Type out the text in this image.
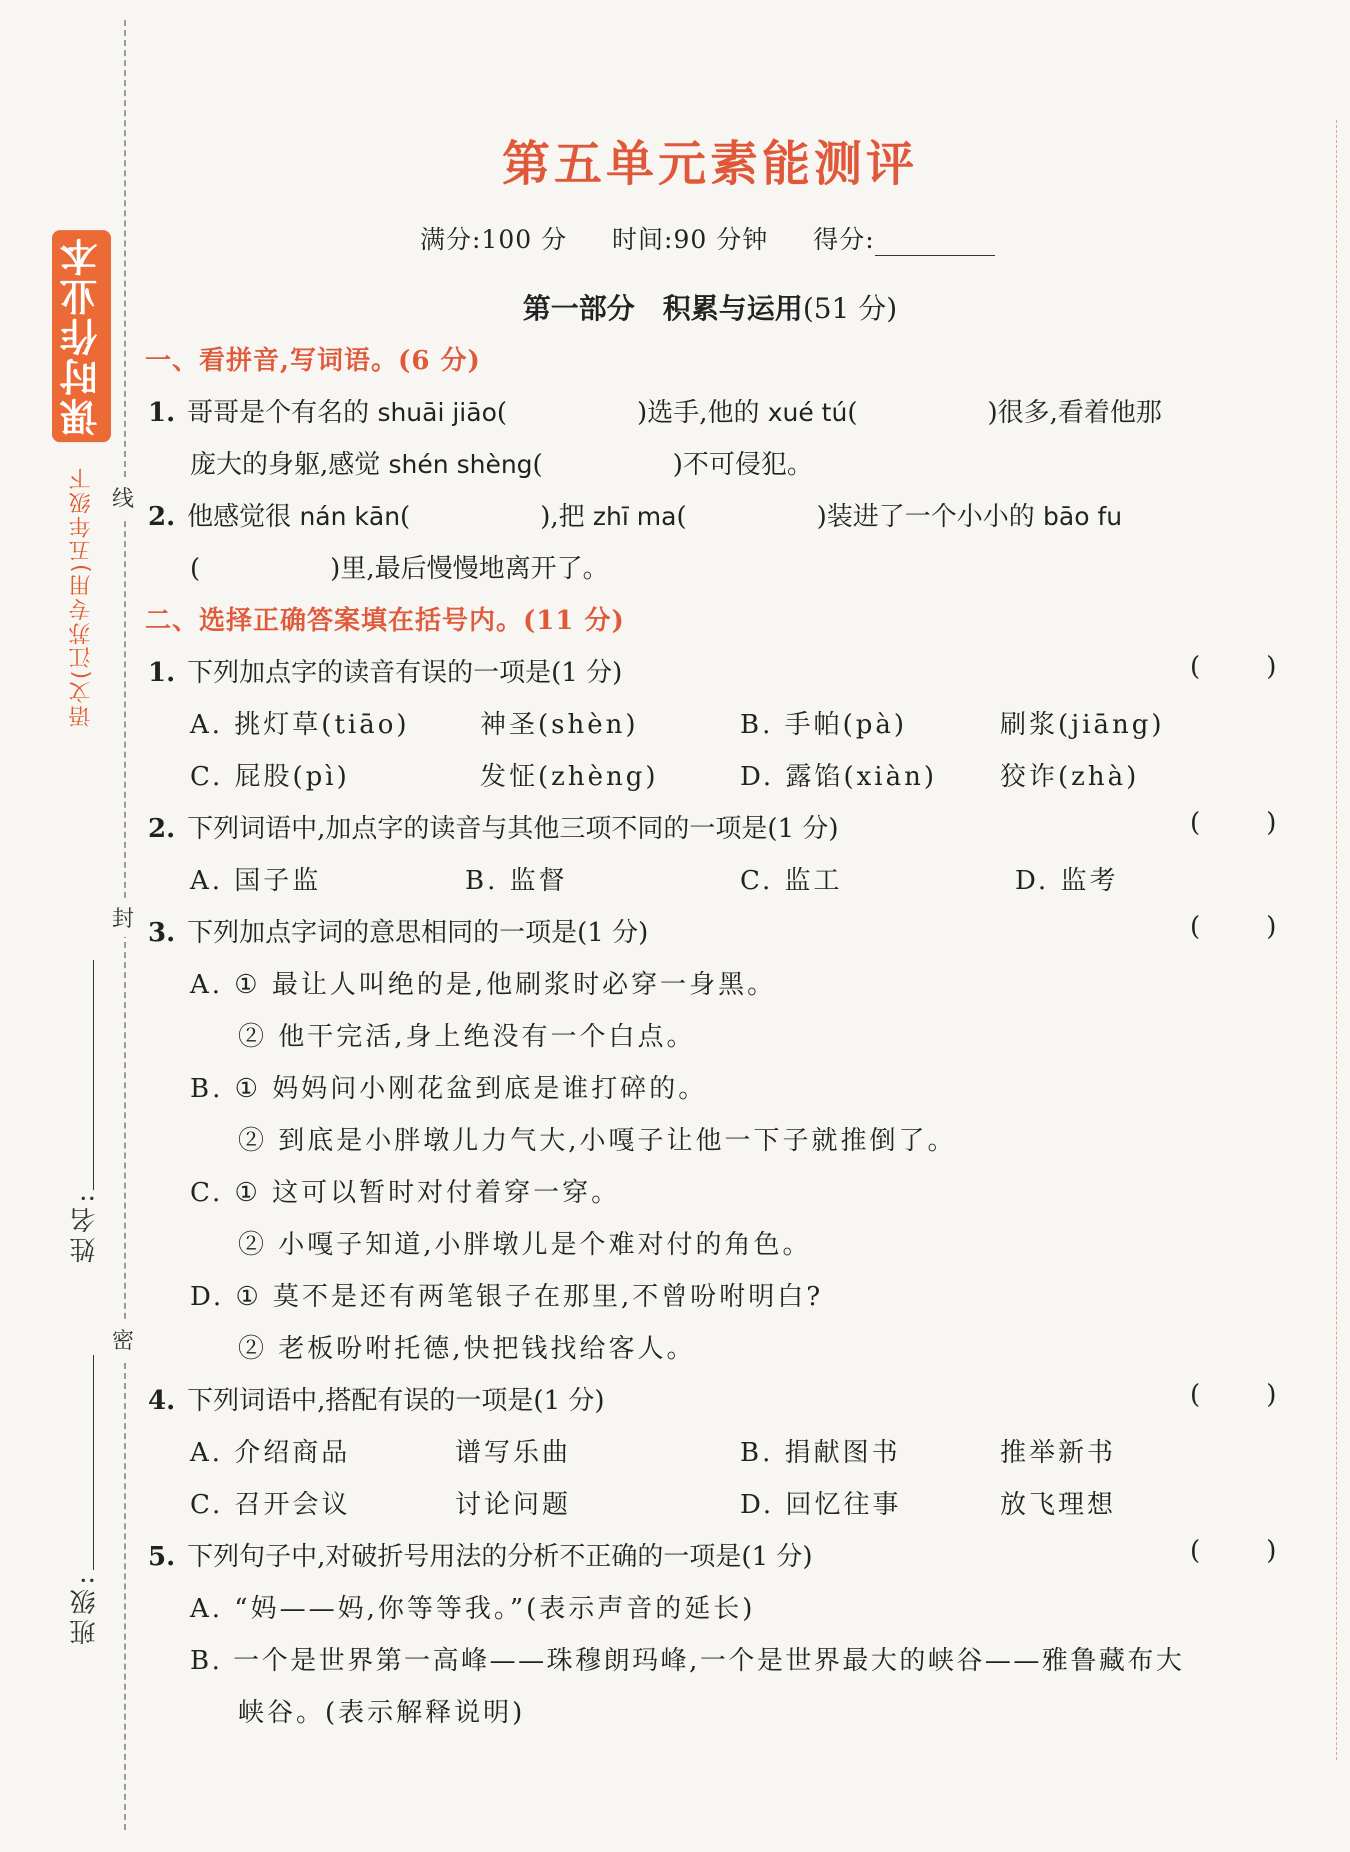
线
封
密
语文(江苏专用)五年级下
课时作业本
姓名:
班级:
第五单元素能测评
满分:100 分 时间:90 分钟 得分:
第一部分　积累与运用(51 分)
一、看拼音,写词语。(6 分)
1. 哥哥是个有名的 shuāi jiāo(	)选手,他的 xué tú(	)很多,看着他那
庞大的身躯,感觉 shén shèng(	)不可侵犯。
2. 他感觉很 nán kān(	),把 zhī ma(	)装进了一个小小的 bāo fu
(	)里,最后慢慢地离开了。
二、选择正确答案填在括号内。(11 分)
1. 下列加点字的读音有误的一项是(1 分)	(        )
A. 挑灯草(tiāo)	神圣(shèn)	B. 手帕(pà)	刷浆(jiāng)
C. 屁股(pì)	发怔(zhèng)	D. 露馅(xiàn) 狡诈(zhà)
2. 下列词语中,加点字的读音与其他三项不同的一项是(1 分)	(        )
A. 国子监	B. 监督	C. 监工	D. 监考
3. 下列加点字词的意思相同的一项是(1 分)	(        )
A. ① 最让人叫绝的是,他刷浆时必穿一身黑。
② 他干完活,身上绝没有一个白点。
B. ① 妈妈问小刚花盆到底是谁打碎的。
② 到底是小胖墩儿力气大,小嘎子让他一下子就推倒了。
C. ① 这可以暂时对付着穿一穿。
② 小嘎子知道,小胖墩儿是个难对付的角色。
D. ① 莫不是还有两笔银子在那里,不曾吩咐明白?
② 老板吩咐托德,快把钱找给客人。
4. 下列词语中,搭配有误的一项是(1 分)	(        )
A. 介绍商品	谱写乐曲	B. 捐献图书	推举新书
C. 召开会议	讨论问题	D. 回忆往事	放飞理想
5. 下列句子中,对破折号用法的分析不正确的一项是(1 分)	(        )
A. “妈——妈,你等等我。”(表示声音的延长)
B. 一个是世界第一高峰——珠穆朗玛峰,一个是世界最大的峡谷——雅鲁藏布大
峡谷。(表示解释说明)
